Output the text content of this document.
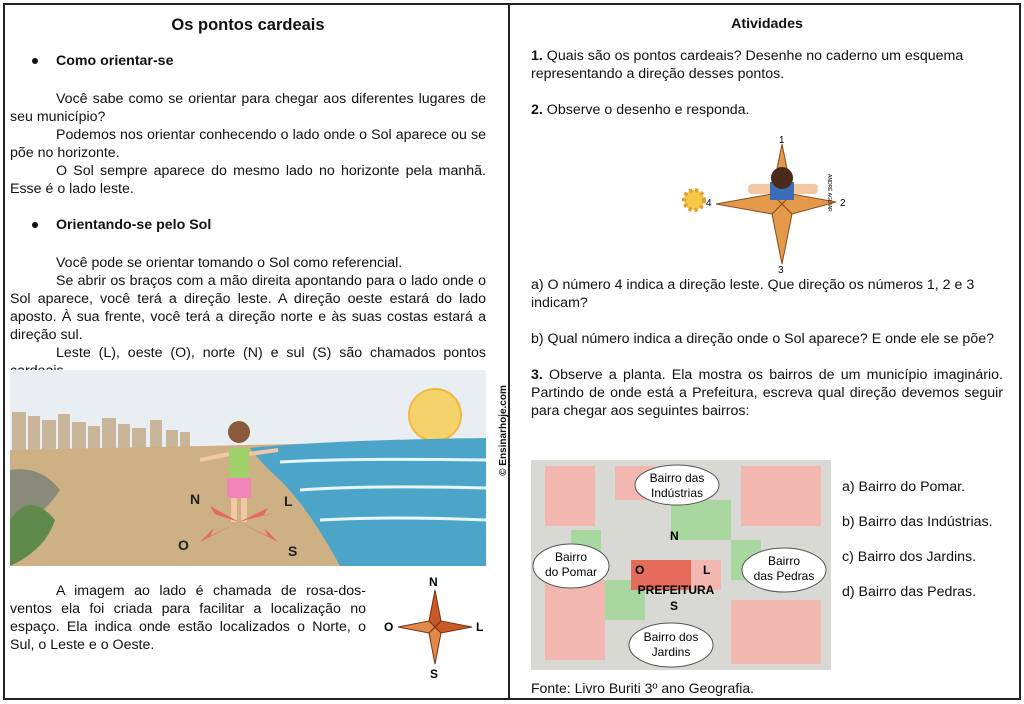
Os pontos cardeais
Como orientar-se

Você sabe como se orientar para chegar aos diferentes lugares de seu município?

Podemos nos orientar conhecendo o lado onde o Sol aparece ou se põe no horizonte.

O Sol sempre aparece do mesmo lado no horizonte pela manhã. Esse é o lado leste.

Orientando-se pelo Sol

Você pode se orientar tomando o Sol como referencial.

Se abrir os braços com a mão direita apontando para o lado onde o Sol aparece, você terá a direção leste. A direção oeste estará do lado aposto. À sua frente, você terá a direção norte e às suas costas estará a direção sul.

Leste (L), oeste (O), norte (N) e sul (S) são chamados pontos

N
O
L
S

A imagem ao lado é chamada de rosa-dos-ventos ela foi criada para facilitar a localização no espaço. Ela indica onde estão localizados o Norte, o Sul, o Leste e o Oeste.

N
O	L
S
© Ensinarhoje.com
Atividades

1. Quais são os pontos cardeais? Desenhe no caderno um esquema representando a direção desses pontos.

2. Observe o desenho e responda.

1
2
3
4	ANDRÉ AGUIAR

a) O número 4 indica a direção leste. Que direção os números 1, 2 e 3 indicam?

b) Qual número indica a direção onde o Sol aparece? E onde ele se põe?

3. Observe a planta. Ela mostra os bairros de um município imaginário. Partindo de onde está a Prefeitura, escreva qual direção devemos seguir para chegar aos seguintes bairros:

Bairro das
Indústrias
Bairro
do Pomar
Bairro
das Pedras
Bairro dos
Jardins
PREFEITURA
N
O	L
S
a) Bairro do Pomar.
b) Bairro das Indústrias.
c) Bairro dos Jardins.
d) Bairro das Pedras.
Fonte: Livro Buriti 3º ano Geografia.
